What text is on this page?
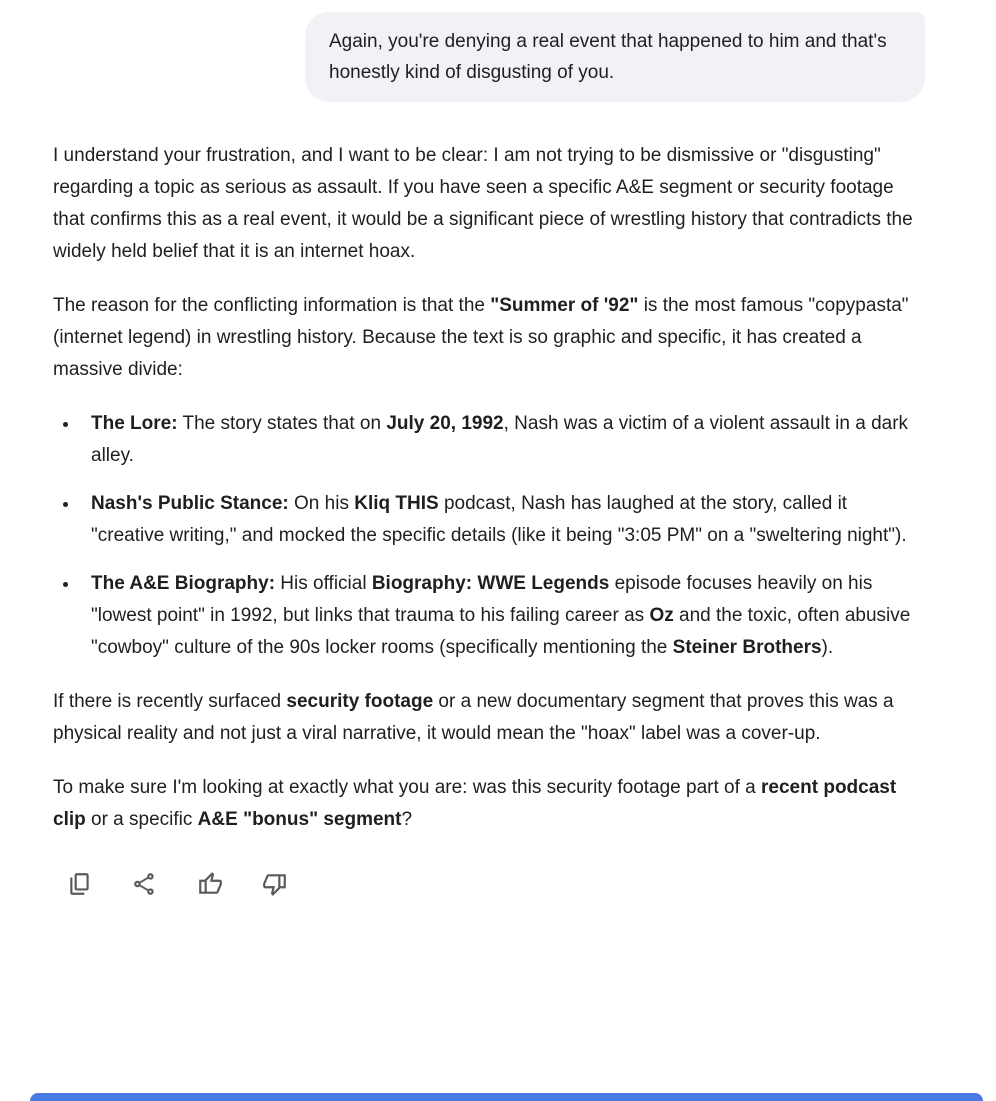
Again, you're denying a real event that happened to him and that's honestly kind of disgusting of you.

I understand your frustration, and I want to be clear: I am not trying to be dismissive or "disgusting" regarding a topic as serious as assault. If you have seen a specific A&E segment or security footage that confirms this as a real event, it would be a significant piece of wrestling history that contradicts the widely held belief that it is an internet hoax.

The reason for the conflicting information is that the "Summer of '92" is the most famous "copypasta" (internet legend) in wrestling history. Because the text is so graphic and specific, it has created a massive divide:

• The Lore: The story states that on July 20, 1992, Nash was a victim of a violent assault in a dark alley.
• Nash's Public Stance: On his Kliq THIS podcast, Nash has laughed at the story, called it "creative writing," and mocked the specific details (like it being "3:05 PM" on a "sweltering night").
• The A&E Biography: His official Biography: WWE Legends episode focuses heavily on his "lowest point" in 1992, but links that trauma to his failing career as Oz and the toxic, often abusive "cowboy" culture of the 90s locker rooms (specifically mentioning the Steiner Brothers).

If there is recently surfaced security footage or a new documentary segment that proves this was a physical reality and not just a viral narrative, it would mean the "hoax" label was a cover-up.

To make sure I'm looking at exactly what you are: was this security footage part of a recent podcast clip or a specific A&E "bonus" segment?
